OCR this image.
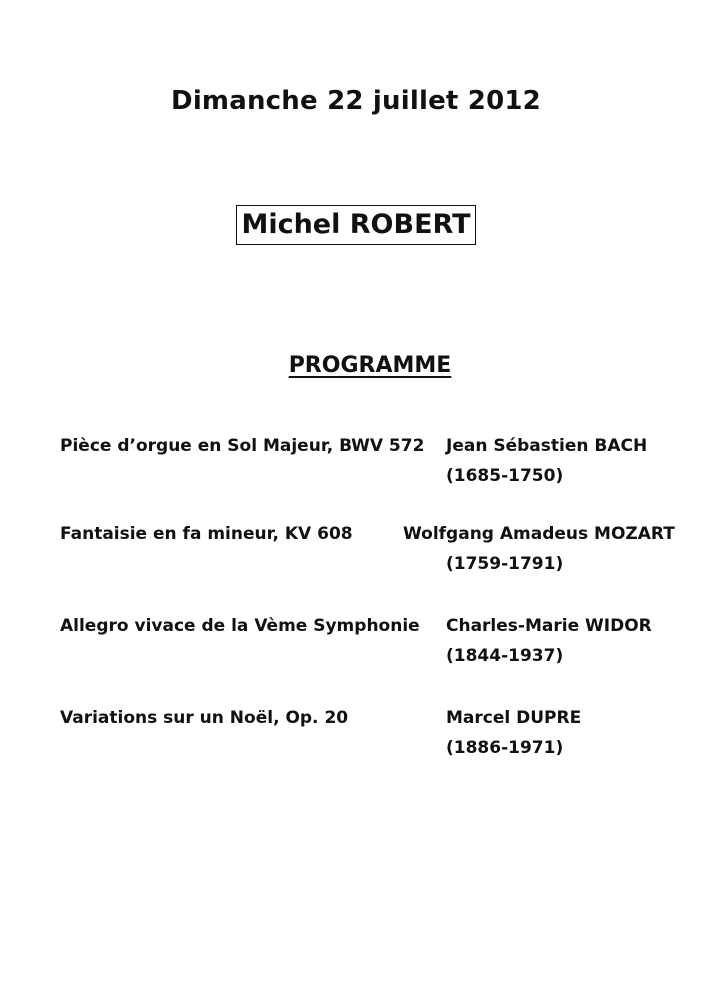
Dimanche 22 juillet 2012
Michel ROBERT
PROGRAMME
Pièce d’orgue en Sol Majeur, BWV 572 Jean Sébastien BACH
(1685-1750)
Fantaisie en fa mineur, KV 608	Wolfgang Amadeus MOZART
(1759-1791)
Allegro vivace de la Vème Symphonie Charles-Marie WIDOR
(1844-1937)
Variations sur un Noël, Op. 20	Marcel DUPRE
(1886-1971)
